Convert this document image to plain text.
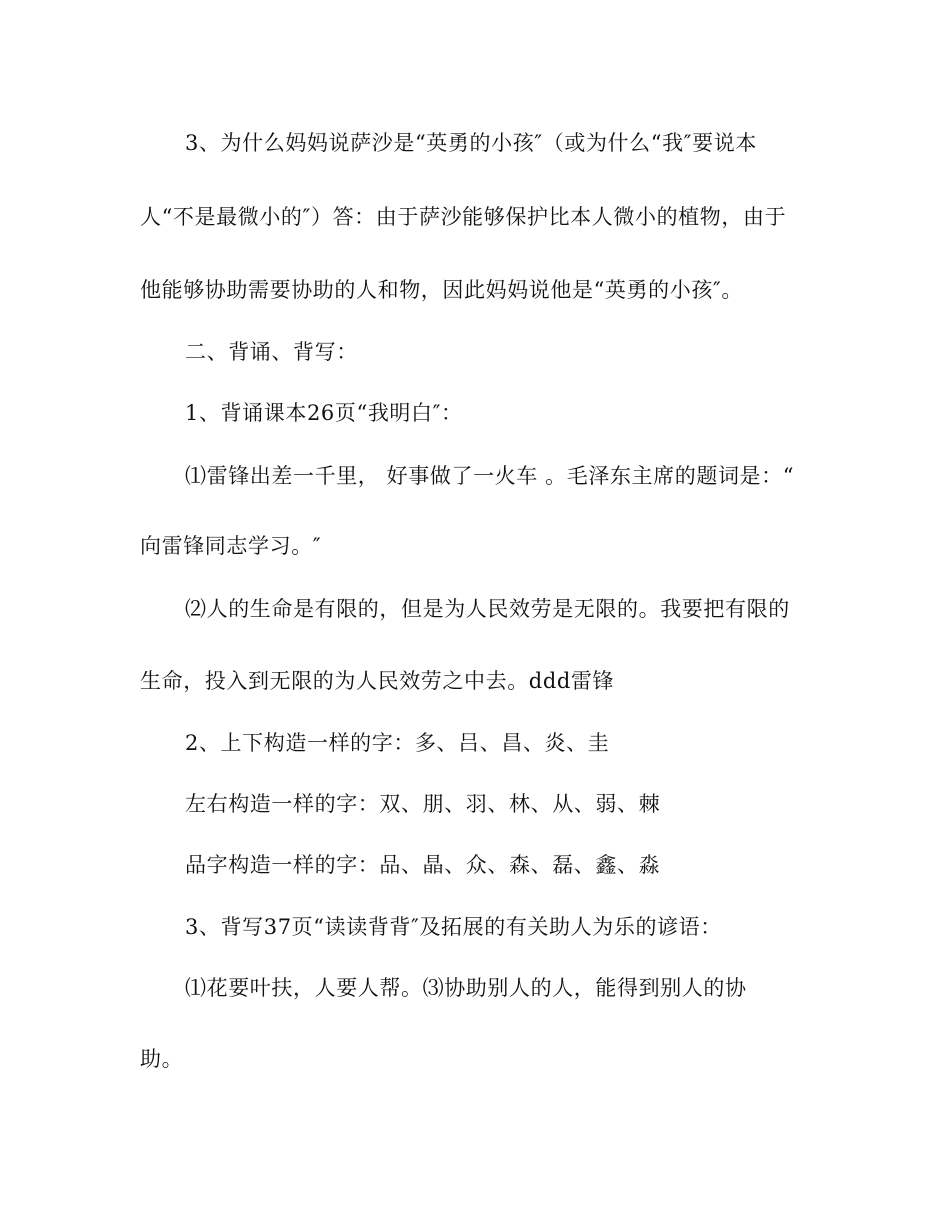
3、为什么妈妈说萨沙是“英勇的小孩″（或为什么“我″要说本
人“不是最微小的″）答：由于萨沙能够保护比本人微小的植物，由于
他能够协助需要协助的人和物，因此妈妈说他是“英勇的小孩″。
二、背诵、背写：
1、背诵课本26页“我明白″：
⑴雷锋出差一千里， 好事做了一火车 。毛泽东主席的题词是：“
向雷锋同志学习。″
⑵人的生命是有限的，但是为人民效劳是无限的。我要把有限的
生命，投入到无限的为人民效劳之中去。ddd雷锋
2、上下构造一样的字：多、吕、昌、炎、圭
左右构造一样的字：双、朋、羽、林、从、弱、棘
品字构造一样的字：品、晶、众、森、磊、鑫、淼
3、背写37页“读读背背″及拓展的有关助人为乐的谚语：
⑴花要叶扶，人要人帮。⑶协助别人的人，能得到别人的协
助。
